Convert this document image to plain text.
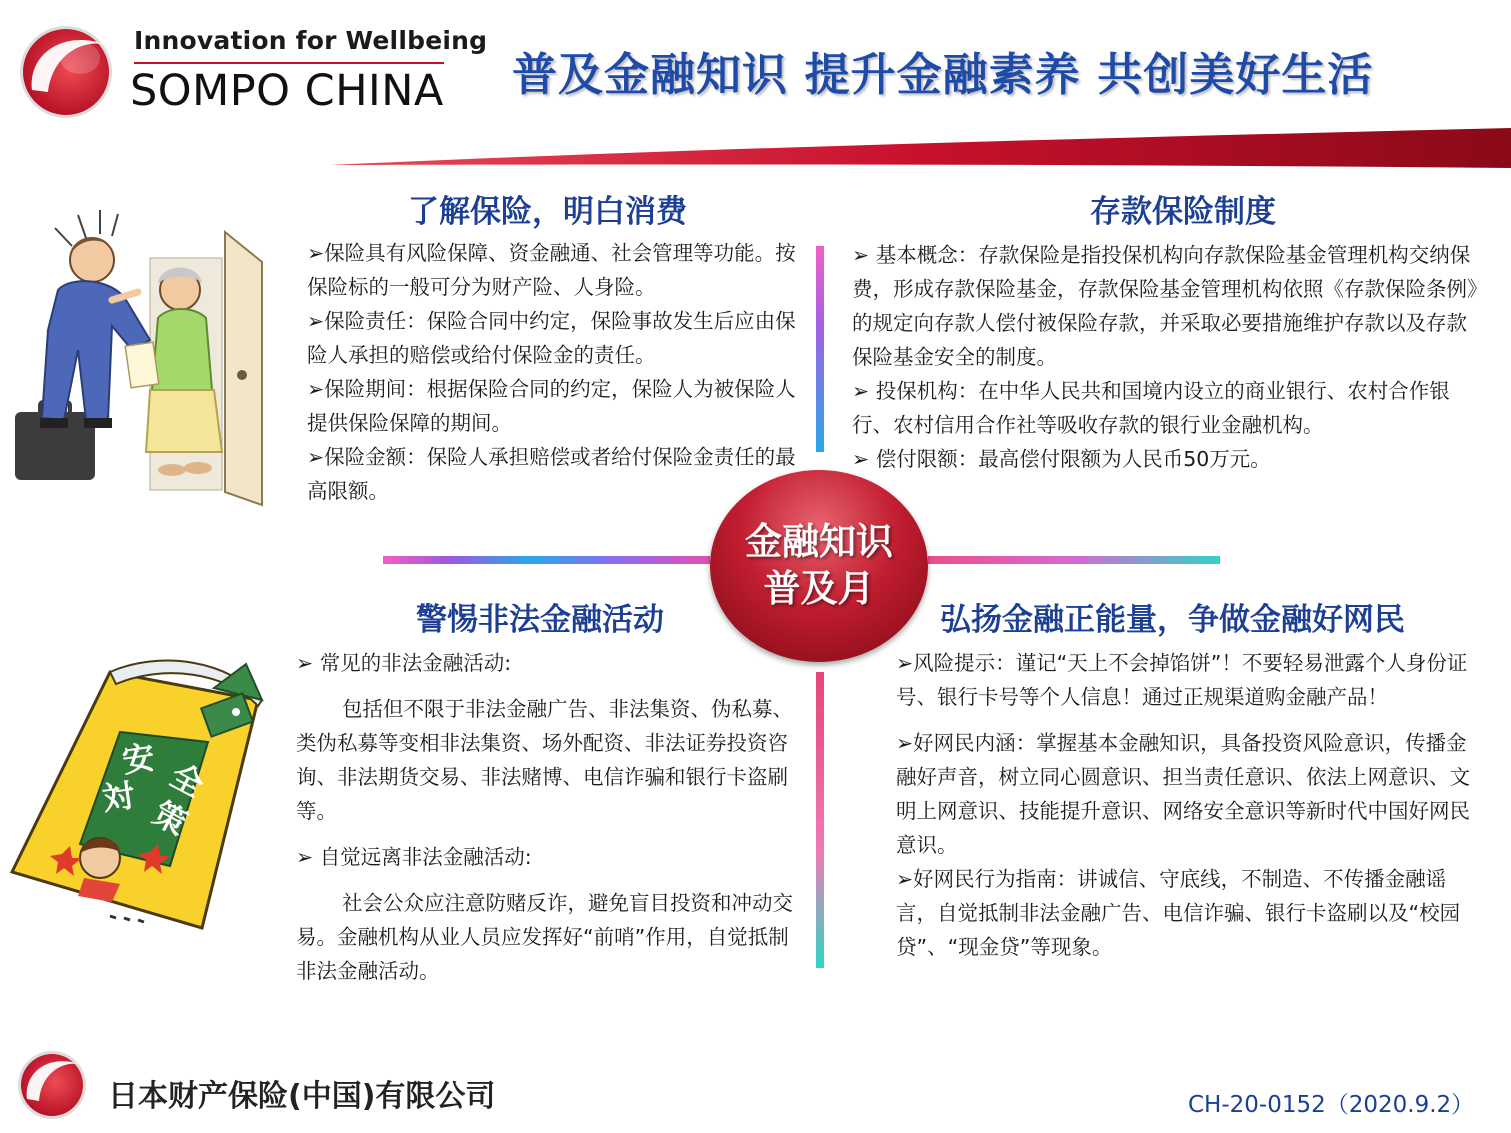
安 全
対 策
Innovation for Wellbeing
SOMPO CHINA 普及金融知识 提升金融素养 共创美好生活
了解保险，明白消费

➢保险具有风险保障、资金融通、社会管理等功能。按保险标的一般可分为财产险、人身险。

➢保险责任：保险合同中约定，保险事故发生后应由保险人承担的赔偿或给付保险金的责任。

➢保险期间：根据保险合同的约定，保险人为被保险人提供保险保障的期间。

➢保险金额：保险人承担赔偿或者给付保险金责任的最高限额。

存款保险制度

➢ 基本概念：存款保险是指投保机构向存款保险基金管理机构交纳保费，形成存款保险基金，存款保险基金管理机构依照《存款保险条例》的规定向存款人偿付被保险存款，并采取必要措施维护存款以及存款保险基金安全的制度。

➢ 投保机构：在中华人民共和国境内设立的商业银行、农村合作银行、农村信用合作社等吸收存款的银行业金融机构。

➢ 偿付限额：最高偿付限额为人民币50万元。

金融知识
普及月
警惕非法金融活动

➢ 常见的非法金融活动:

包括但不限于非法金融广告、非法集资、伪私募、类伪私募等变相非法集资、场外配资、非法证券投资咨询、非法期货交易、非法赌博、电信诈骗和银行卡盗刷等。

➢ 自觉远离非法金融活动:

社会公众应注意防赌反诈，避免盲目投资和冲动交易。金融机构从业人员应发挥好“前哨”作用，自觉抵制非法金融活动。

弘扬金融正能量，争做金融好网民

➢风险提示：谨记“天上不会掉馅饼”！不要轻易泄露个人身份证号、银行卡号等个人信息！通过正规渠道购金融产品！

➢好网民内涵：掌握基本金融知识，具备投资风险意识，传播金融好声音，树立同心圆意识、担当责任意识、依法上网意识、文明上网意识、技能提升意识、网络安全意识等新时代中国好网民意识。

➢好网民行为指南：讲诚信、守底线，不制造、不传播金融谣言，自觉抵制非法金融广告、电信诈骗、银行卡盗刷以及“校园贷”、“现金贷”等现象。

日本财产保险(中国)有限公司	CH-20-0152（2020.9.2）
